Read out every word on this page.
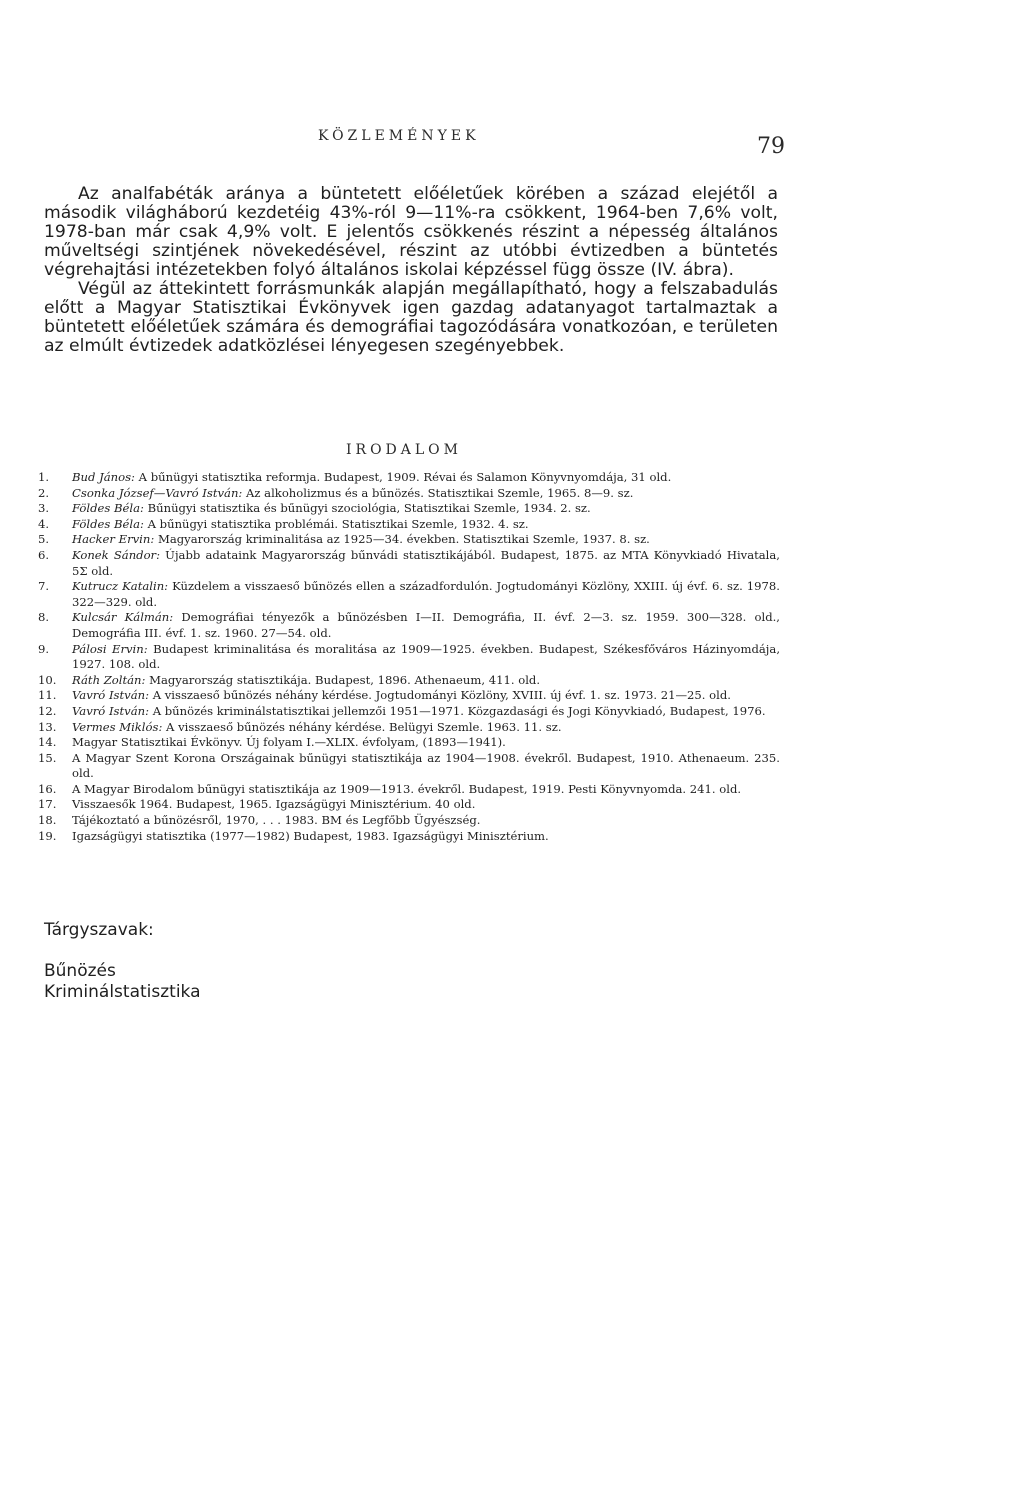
KÖZLEMÉNYEK	79

Az analfabéták aránya a büntetett előéletűek körében a század elejétől a második világháború kezdetéig 43%-ról 9—11%-ra csökkent, 1964-ben 7,6% volt, 1978-ban már csak 4,9% volt. E jelentős csökkenés részint a népesség általános műveltségi szintjének növekedésével, részint az utóbbi évtizedben a büntetés végrehajtási intézetekben folyó általános iskolai képzéssel függ össze (IV. ábra).

Végül az áttekintett forrásmunkák alapján megállapítható, hogy a felszabadulás előtt a Magyar Statisztikai Évkönyvek igen gazdag adatanyagot tartalmaztak a büntetett előéletűek számára és demográfiai tagozódására vonatkozóan, e területen az elmúlt évtizedek adatközlései lényegesen szegényebbek.

IRODALOM
1.	Bud János: A bűnügyi statisztika reformja. Budapest, 1909. Révai és Salamon Könyvnyomdája, 31 old.
2.	Csonka József—Vavró István: Az alkoholizmus és a bűnözés. Statisztikai Szemle, 1965. 8—9. sz.
3.	Földes Béla: Bűnügyi statisztika és bűnügyi szociológia, Statisztikai Szemle, 1934. 2. sz.
4.	Földes Béla: A bűnügyi statisztika problémái. Statisztikai Szemle, 1932. 4. sz.
5.	Hacker Ervin: Magyarország kriminalitása az 1925—34. években. Statisztikai Szemle, 1937. 8. sz.
6.	Konek Sándor: Újabb adataink Magyarország bűnvádi statisztikájából. Budapest, 1875. az MTA Könyvkiadó Hivatala, 5Σ old.
7.	Kutrucz Katalin: Küzdelem a visszaeső bűnözés ellen a századfordulón. Jogtudományi Közlöny, XXIII. új évf. 6. sz. 1978. 322—329. old.
8.	Kulcsár Kálmán: Demográfiai tényezők a bűnözésben I—II. Demográfia, II. évf. 2—3. sz. 1959. 300—328. old., Demográfia III. évf. 1. sz. 1960. 27—54. old.
9.	Pálosi Ervin: Budapest kriminalitása és moralitása az 1909—1925. években. Budapest, Székesfőváros Házinyomdája, 1927. 108. old.
10.	Ráth Zoltán: Magyarország statisztikája. Budapest, 1896. Athenaeum, 411. old.
11.	Vavró István: A visszaeső bűnözés néhány kérdése. Jogtudományi Közlöny, XVIII. új évf. 1. sz. 1973. 21—25. old.
12.	Vavró István: A bűnözés kriminálstatisztikai jellemzői 1951—1971. Közgazdasági és Jogi Könyvkiadó, Budapest, 1976.
13.	Vermes Miklós: A visszaeső bűnözés néhány kérdése. Belügyi Szemle. 1963. 11. sz.
14.	Magyar Statisztikai Évkönyv. Új folyam I.—XLIX. évfolyam, (1893—1941).
15.	A Magyar Szent Korona Országainak bűnügyi statisztikája az 1904—1908. évekről. Budapest, 1910. Athenaeum. 235. old.
16.	A Magyar Birodalom bűnügyi statisztikája az 1909—1913. évekről. Budapest, 1919. Pesti Könyvnyomda. 241. old.
17.	Visszaesők 1964. Budapest, 1965. Igazságügyi Minisztérium. 40 old.
18.	Tájékoztató a bűnözésről, 1970, . . . 1983. BM és Legfőbb Ügyészség.
19.	Igazságügyi statisztika (1977—1982) Budapest, 1983. Igazságügyi Minisztérium.
Tárgyszavak:
Bűnözés
Kriminálstatisztika
